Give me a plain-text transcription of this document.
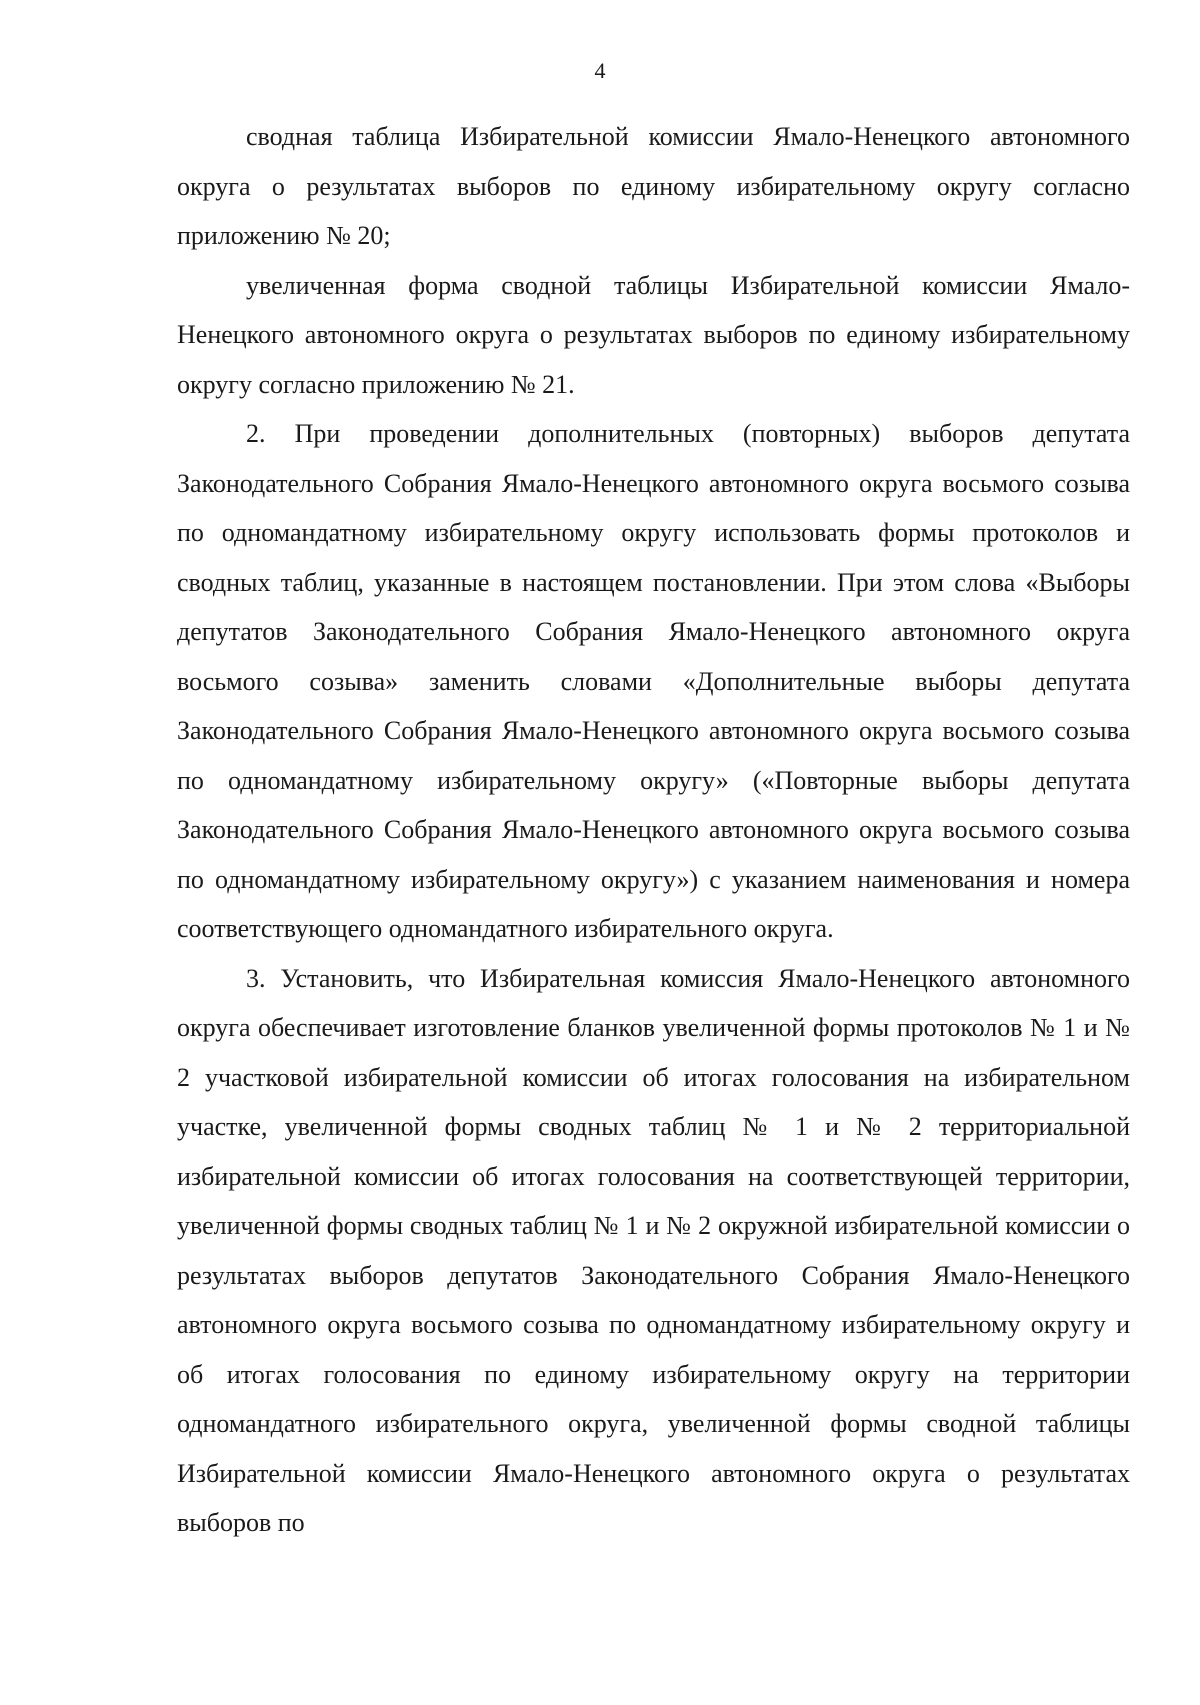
4

сводная таблица Избирательной комиссии Ямало-Ненецкого автономного округа о результатах выборов по единому избирательному округу согласно приложению № 20;

увеличенная форма сводной таблицы Избирательной комиссии Ямало-Ненецкого автономного округа о результатах выборов по единому избирательному округу согласно приложению № 21.

2. При проведении дополнительных (повторных) выборов депутата Законодательного Собрания Ямало-Ненецкого автономного округа восьмого созыва по одномандатному избирательному округу использовать формы протоколов и сводных таблиц, указанные в настоящем постановлении. При этом слова «Выборы депутатов Законодательного Собрания Ямало-Ненецкого автономного округа восьмого созыва» заменить словами «Дополнительные выборы депутата Законодательного Собрания Ямало-Ненецкого автономного округа восьмого созыва по одномандатному избирательному округу» («Повторные выборы депутата Законодательного Собрания Ямало-Ненецкого автономного округа восьмого созыва по одномандатному избирательному округу») с указанием наименования и номера соответствующего одномандатного избирательного округа.

3. Установить, что Избирательная комиссия Ямало-Ненецкого автономного округа обеспечивает изготовление бланков увеличенной формы протоколов № 1 и № 2 участковой избирательной комиссии об итогах голосования на избирательном участке, увеличенной формы сводных таблиц № 1 и № 2 территориальной избирательной комиссии об итогах голосования на соответствующей территории, увеличенной формы сводных таблиц № 1 и № 2 окружной избирательной комиссии о результатах выборов депутатов Законодательного Собрания Ямало-Ненецкого автономного округа восьмого созыва по одномандатному избирательному округу и об итогах голосования по единому избирательному округу на территории одномандатного избирательного округа, увеличенной формы сводной таблицы Избирательной комиссии Ямало-Ненецкого автономного округа о результатах выборов по
